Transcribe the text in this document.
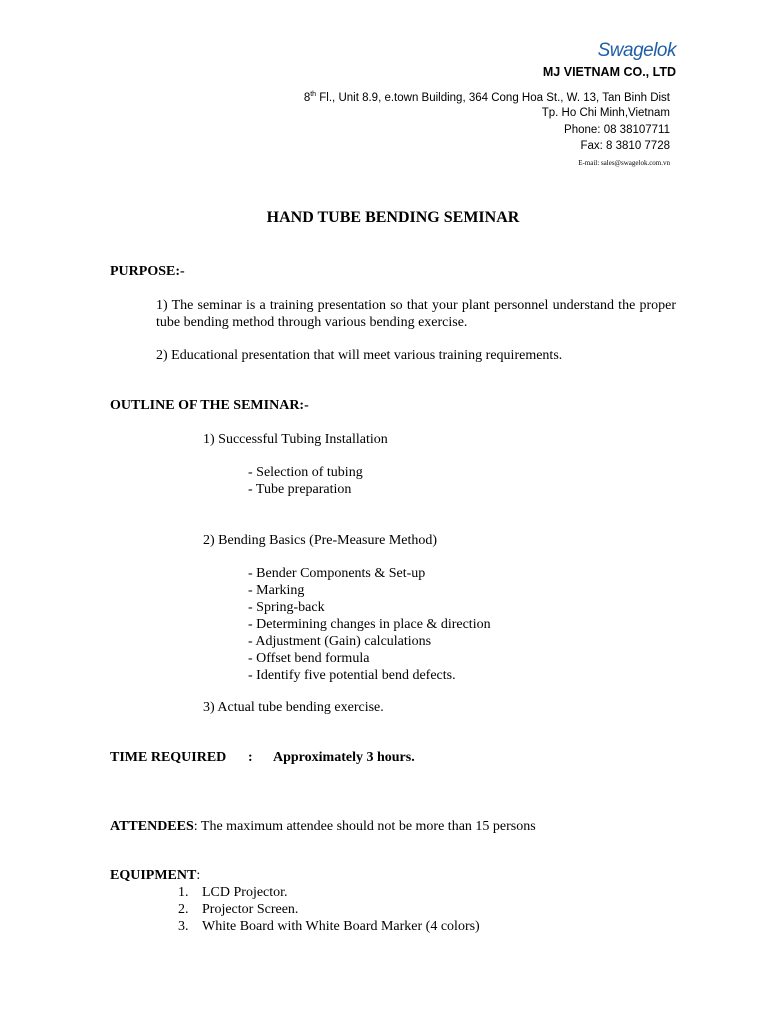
Swagelok
MJ VIETNAM CO., LTD
8th Fl., Unit 8.9, e.town Building, 364 Cong Hoa St., W. 13, Tan Binh Dist
Tp. Ho Chi Minh,Vietnam
Phone: 08 38107711
Fax: 8 3810 7728
E-mail: sales@swagelok.com.vn
HAND TUBE BENDING SEMINAR
PURPOSE:-
1) The seminar is a training presentation so that your plant personnel understand the proper tube bending method through various bending exercise.
2) Educational presentation that will meet various training requirements.
OUTLINE OF THE SEMINAR:-
1) Successful Tubing Installation
- Selection of tubing
- Tube preparation
2) Bending Basics (Pre-Measure Method)
- Bender Components & Set-up
- Marking
- Spring-back
- Determining changes in place & direction
- Adjustment (Gain) calculations
- Offset bend formula
- Identify five potential bend defects.
3) Actual tube bending exercise.
TIME REQUIRED : Approximately 3 hours.
ATTENDEES: The maximum attendee should not be more than 15 persons
EQUIPMENT:
1. LCD Projector.
2. Projector Screen.
3. White Board with White Board Marker (4 colors)
